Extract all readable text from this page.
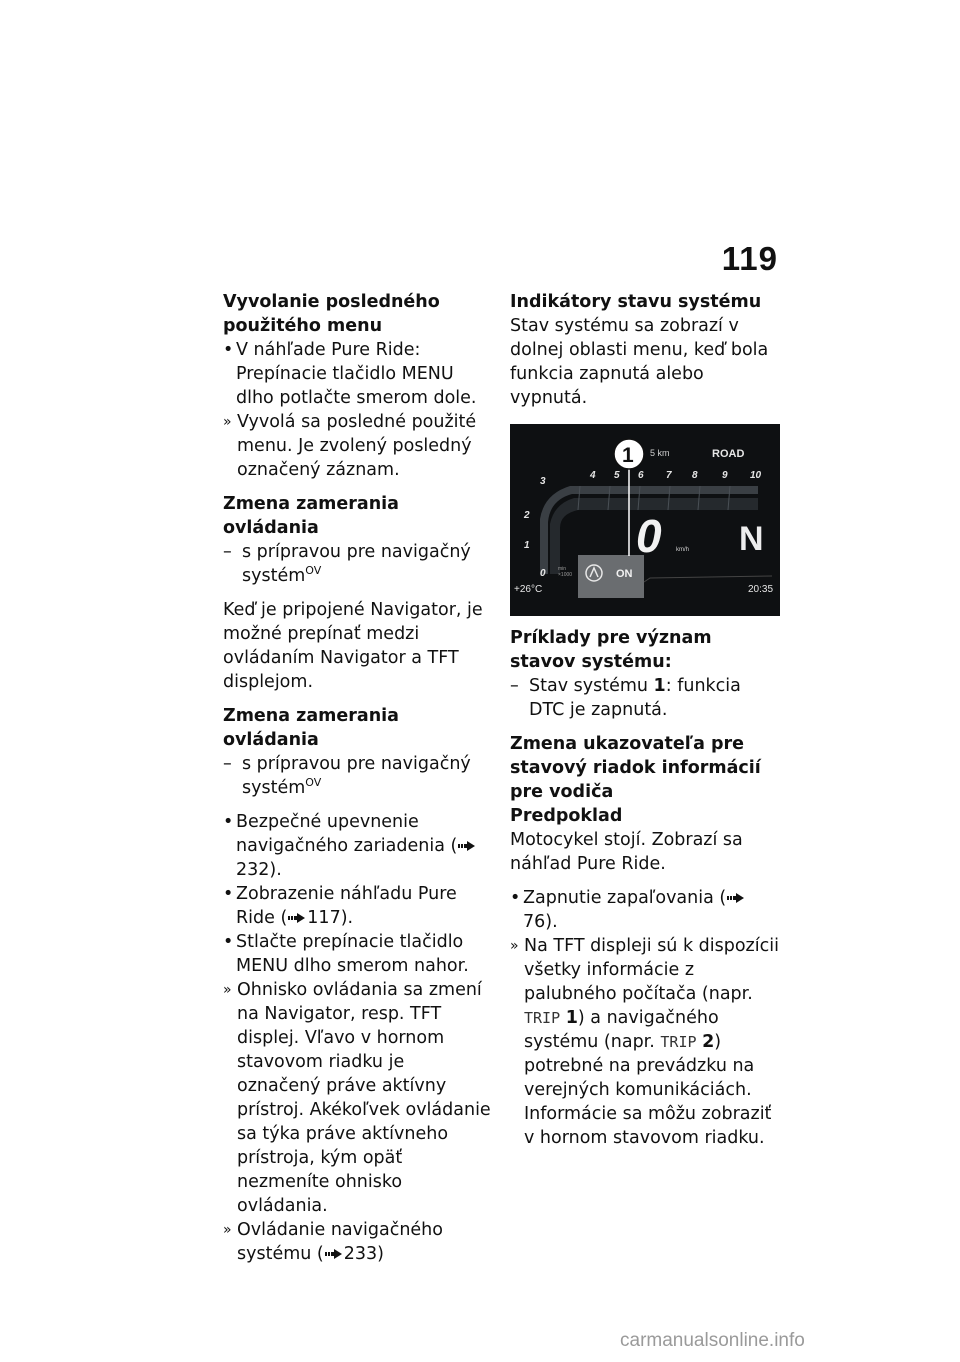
119

Vyvolanie posledného použitého menu

• V náhľade Pure Ride: Prepínacie tlačidlo MENU dlho potlačte smerom dole.

» Vyvolá sa posledné použité menu. Je zvolený posledný označený záznam.

Zmena zamerania ovládania

– s prípravou pre navigačný systém$^{OV}$

Keď je pripojené Navigator, je možné prepínať medzi ovládaním Navigator a TFT displejom.

Zmena zamerania ovládania

– s prípravou pre navigačný systém$^{OV}$

• Bezpečné upevnenie navigačného zariadenia (232).

• Zobrazenie náhľadu Pure Ride ( 117).

• Stlačte prepínacie tlačidlo MENU dlho smerom nahor.

» Ohnisko ovládania sa zmení na Navigator, resp. TFT displej. Vľavo v hornom stavovom riadku je označený práve aktívny prístroj. Akékoľvek ovládanie sa týka práve aktívneho prístroja, kým opäť nezmeníte ohnisko ovládania.

» Ovládanie navigačného systému ( 233)

Indikátory stavu systému

Stav systému sa zobrazí v dolnej oblasti menu, keď bola funkcia zapnutá alebo vypnutá.

1
2
3
4 5 6 7 8 9 10
5 km	ROAD
min
×1000
0	ON
0 km/h N
+26°C	20:35
1

Príklady pre význam stavov systému:

– Stav systému 1: funkcia DTC je zapnutá.

Zmena ukazovateľa pre stavový riadok informácií pre vodiča

Predpoklad

Motocykel stojí. Zobrazí sa náhľad Pure Ride.

• Zapnutie zapaľovania (76).

» Na TFT displeji sú k dispozícii všetky informácie z palubného počítača (napr. TRIP 1) a navigačného systému (napr. TRIP 2) potrebné na prevádzku na verejných komunikáciách. Informácie sa môžu zobraziť v hornom stavovom riadku.

carmanualsonline.info
